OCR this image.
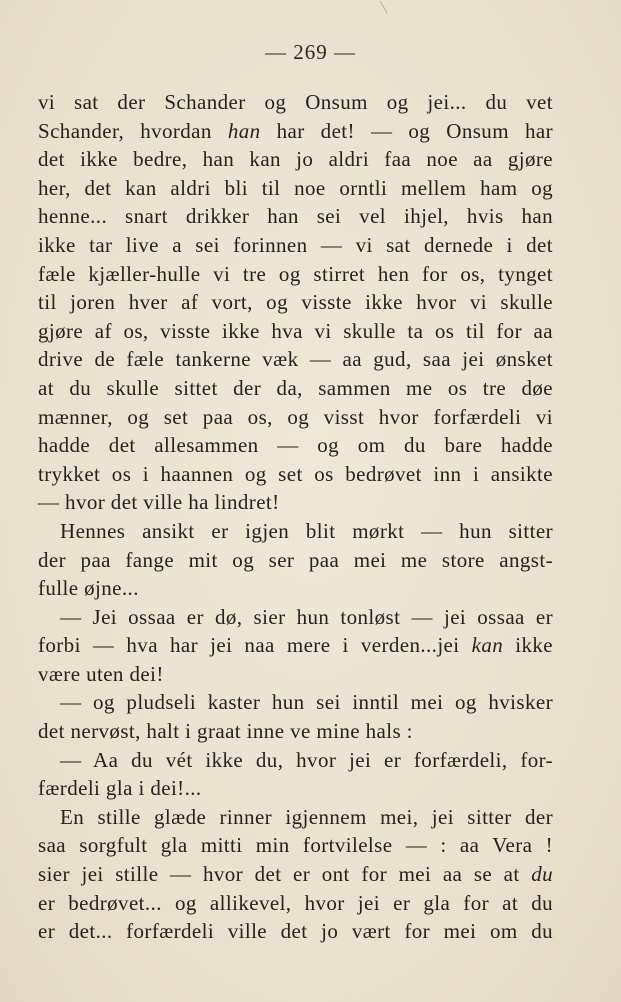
— 269 —
vi sat der Schander og Onsum og jei... du vet
Schander, hvordan han har det! — og Onsum har
det ikke bedre, han kan jo aldri faa noe aa gjøre
her, det kan aldri bli til noe orntli mellem ham og
henne... snart drikker han sei vel ihjel, hvis han
ikke tar live a sei forinnen — vi sat dernede i det
fæle kjæller-hulle vi tre og stirret hen for os, tynget
til joren hver af vort, og visste ikke hvor vi skulle
gjøre af os, visste ikke hva vi skulle ta os til for aa
drive de fæle tankerne væk — aa gud, saa jei ønsket
at du skulle sittet der da, sammen me os tre døe
mænner, og set paa os, og visst hvor forfærdeli vi
hadde det allesammen — og om du bare hadde
trykket os i haannen og set os bedrøvet inn i ansikte
— hvor det ville ha lindret!
Hennes ansikt er igjen blit mørkt — hun sitter
der paa fange mit og ser paa mei me store angst-
fulle øjne...
— Jei ossaa er dø, sier hun tonløst — jei ossaa er
forbi — hva har jei naa mere i verden...jei kan ikke
være uten dei!
— og pludseli kaster hun sei inntil mei og hvisker
det nervøst, halt i graat inne ve mine hals :
— Aa du vét ikke du, hvor jei er forfærdeli, for-
færdeli gla i dei!...
En stille glæde rinner igjennem mei, jei sitter der
saa sorgfult gla mitti min fortvilelse — : aa Vera !
sier jei stille — hvor det er ont for mei aa se at du
er bedrøvet... og allikevel, hvor jei er gla for at du
er det... forfærdeli ville det jo vært for mei om du
